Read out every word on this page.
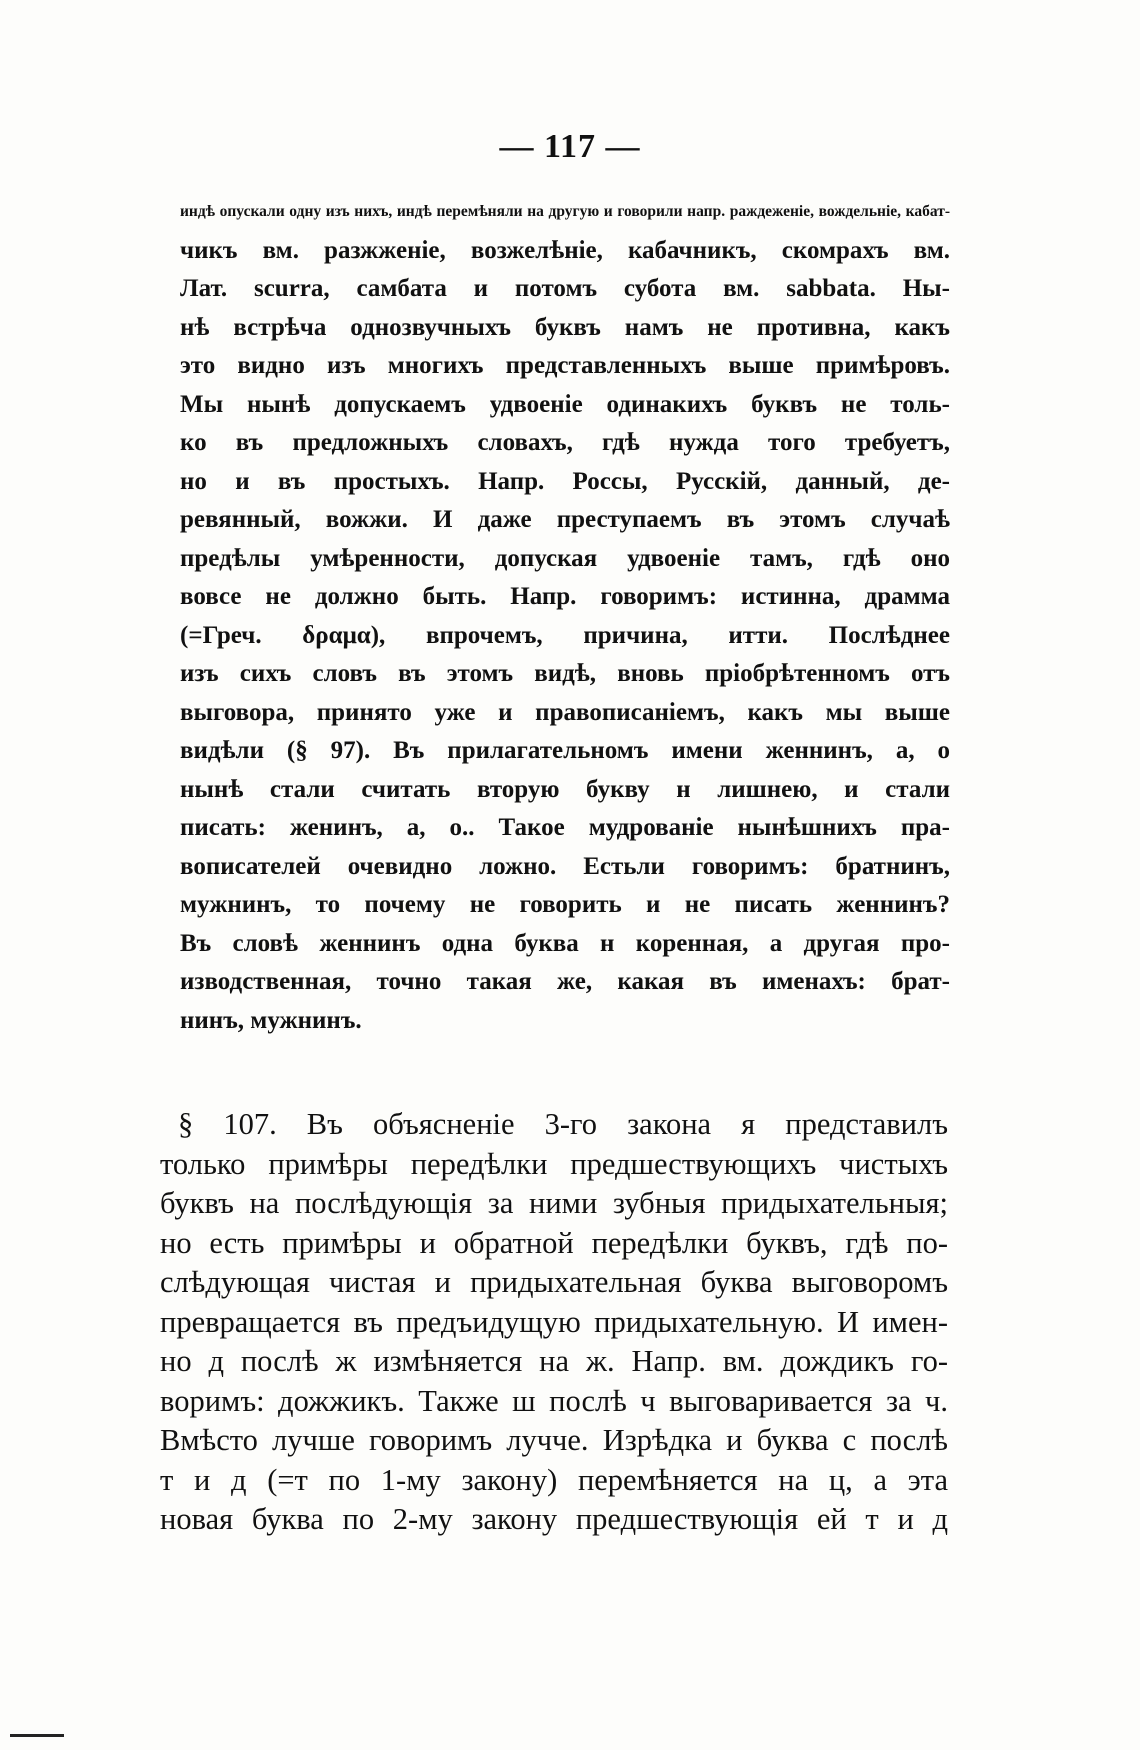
— 117 —
индѣ опускали одну изъ нихъ, индѣ перемѣняли на другую и говорили напр. раждеженіе, вождельніе, кабат-
чикъ вм. разжженіе, возжелѣніе, кабачникъ, скомрахъ вм.
Лат. scurra, самбата и потомъ субота вм. sabbata. Ны-
нѣ встрѣча однозвучныхъ буквъ намъ не противна, какъ
это видно изъ многихъ представленныхъ выше примѣровъ.
Мы нынѣ допускаемъ удвоеніе одинакихъ буквъ не толь-
ко въ предложныхъ словахъ, гдѣ нужда того требуетъ,
но и въ простыхъ. Напр. Россы, Русскій, данный, де-
ревянный, вожжи. И даже преступаемъ въ этомъ случаѣ
предѣлы умѣренности, допуская удвоеніе тамъ, гдѣ оно
вовсе не должно быть. Напр. говоримъ: истинна, драмма
(=Греч. δραμα), впрочемъ, причина, итти. Послѣднее
изъ сихъ словъ въ этомъ видѣ, вновь пріобрѣтенномъ отъ
выговора, принято уже и правописаніемъ, какъ мы выше
видѣли (§ 97). Въ прилагательномъ имени женнинъ, а, о
нынѣ стали считать вторую букву н лишнею, и стали
писать: женинъ, а, о.. Такое мудрованіе нынѣшнихъ пра-
вописателей очевидно ложно. Естьли говоримъ: братнинъ,
мужнинъ, то почему не говорить и не писать женнинъ?
Въ словѣ женнинъ одна буква н коренная, а другая про-
изводственная, точно такая же, какая въ именахъ: брат-
нинъ, мужнинъ.
§ 107. Въ объясненіе 3-го закона я представилъ
только примѣры передѣлки предшествующихъ чистыхъ
буквъ на послѣдующія за ними зубныя придыхательныя;
но есть примѣры и обратной передѣлки буквъ, гдѣ по-
слѣдующая чистая и придыхательная буква выговоромъ
превращается въ предъидущую придыхательную. И имен-
но д послѣ ж измѣняется на ж. Напр. вм. дождикъ го-
воримъ: дожжикъ. Также ш послѣ ч выговаривается за ч.
Вмѣсто лучше говоримъ лучче. Изрѣдка и буква с послѣ
т и д (=т по 1-му закону) перемѣняется на ц, а эта
новая буква по 2-му закону предшествующія ей т и д
